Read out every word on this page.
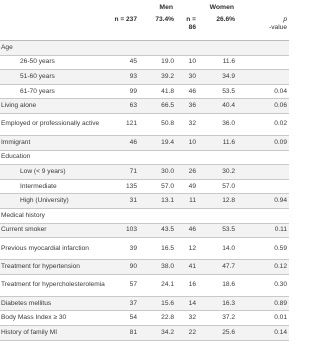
	Men		Women		
	n = 237	73.4%	n = 86	26.6%	p
-value

Age					
26-50 years	45	19.0	10	11.6	
51-60 years	93	39.2	30	34.9	
61-70 years	99	41.8	46	53.5	0.04
Living alone	63	66.5	36	40.4	0.06
Employed or professionally active	121	50.8	32	36.0	0.02
Immigrant	46	19.4	10	11.6	0.09
Education					
Low (< 9 years)	71	30.0	26	30.2	
Intermediate	135	57.0	49	57.0	
High (University)	31	13.1	11	12.8	0.94
Medical history					
Current smoker	103	43.5	46	53.5	0.11
Previous myocardial infarction	39	16.5	12	14.0	0.59
Treatment for hypertension	90	38.0	41	47.7	0.12
Treatment for hypercholesterolemia	57	24.1	16	18.6	0.30
Diabetes mellitus	37	15.6	14	16.3	0.89
Body Mass Index ≥ 30	54	22.8	32	37.2	0.01
History of family MI	81	34.2	22	25.6	0.14
